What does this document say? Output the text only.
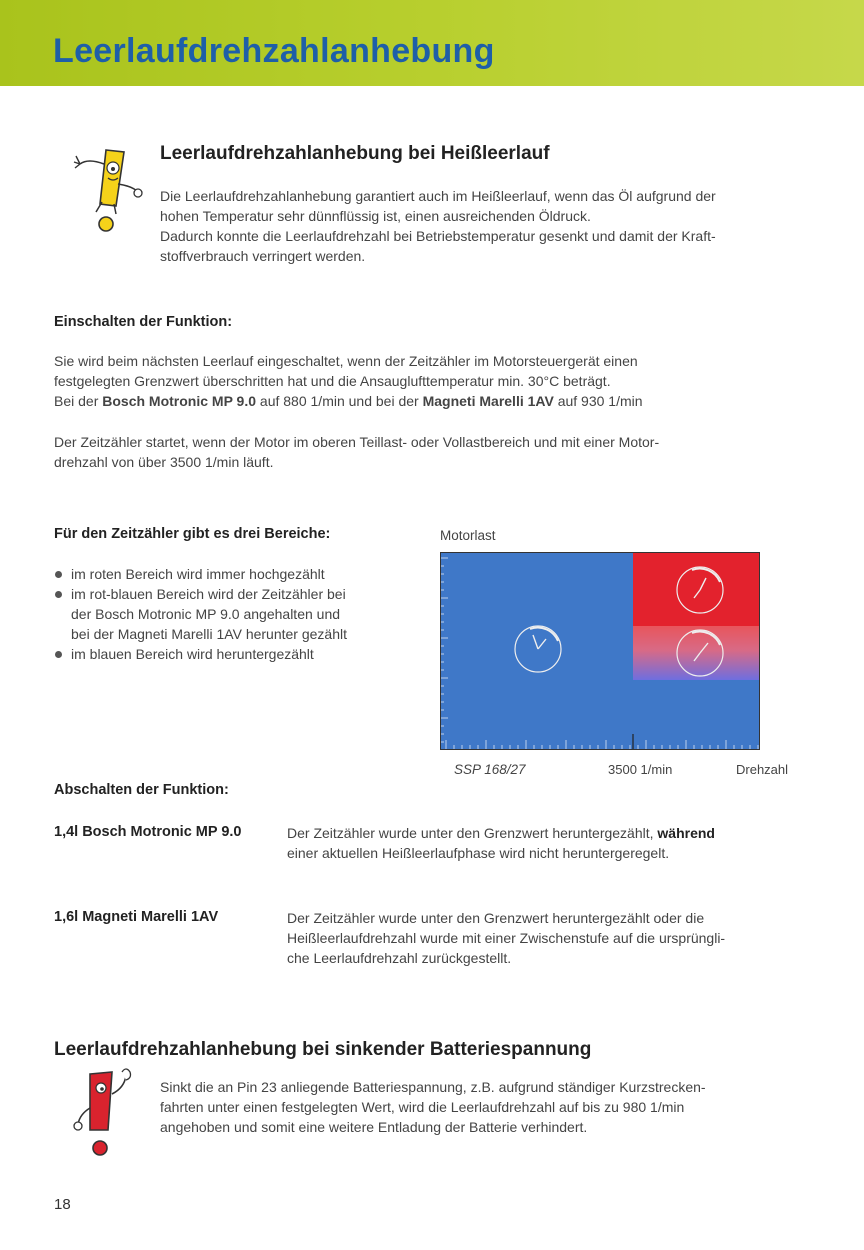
Leerlaufdrehzahlanhebung
Leerlaufdrehzahlanhebung bei Heißleerlauf
Die Leerlaufdrehzahlanhebung garantiert auch im Heißleerlauf, wenn das Öl aufgrund der
hohen Temperatur sehr dünnflüssig ist, einen ausreichenden Öldruck.
Dadurch konnte die Leerlaufdrehzahl bei Betriebstemperatur gesenkt und damit der Kraft-
stoffverbrauch verringert werden.
Einschalten der Funktion:
Sie wird beim nächsten Leerlauf eingeschaltet, wenn der Zeitzähler im Motorsteuergerät einen
festgelegten Grenzwert überschritten hat und die Ansauglufttemperatur min. 30°C beträgt.
Bei der Bosch Motronic MP 9.0 auf 880 1/min und bei der Magneti Marelli 1AV auf 930 1/min
Der Zeitzähler startet, wenn der Motor im oberen Teillast- oder Vollastbereich und mit einer Motor-
drehzahl von über 3500 1/min läuft.
Für den Zeitzähler gibt es drei Bereiche:
im roten Bereich wird immer hochgezählt
im rot-blauen Bereich wird der Zeitzähler bei
der Bosch Motronic MP 9.0 angehalten und
bei der Magneti Marelli 1AV herunter gezählt
im blauen Bereich wird heruntergezählt
Motorlast
SSP 168/27	3500 1/min	Drehzahl
Abschalten der Funktion:
1,4l Bosch Motronic MP 9.0	Der Zeitzähler wurde unter den Grenzwert heruntergezählt, während
einer aktuellen Heißleerlaufphase wird nicht heruntergeregelt.
1,6l Magneti Marelli 1AV	Der Zeitzähler wurde unter den Grenzwert heruntergezählt oder die
Heißleerlaufdrehzahl wurde mit einer Zwischenstufe auf die ursprüngli-
che Leerlaufdrehzahl zurückgestellt.
Leerlaufdrehzahlanhebung bei sinkender Batteriespannung
Sinkt die an Pin 23 anliegende Batteriespannung, z.B. aufgrund ständiger Kurzstrecken-
fahrten unter einen festgelegten Wert, wird die Leerlaufdrehzahl auf bis zu 980 1/min
angehoben und somit eine weitere Entladung der Batterie verhindert.
18
